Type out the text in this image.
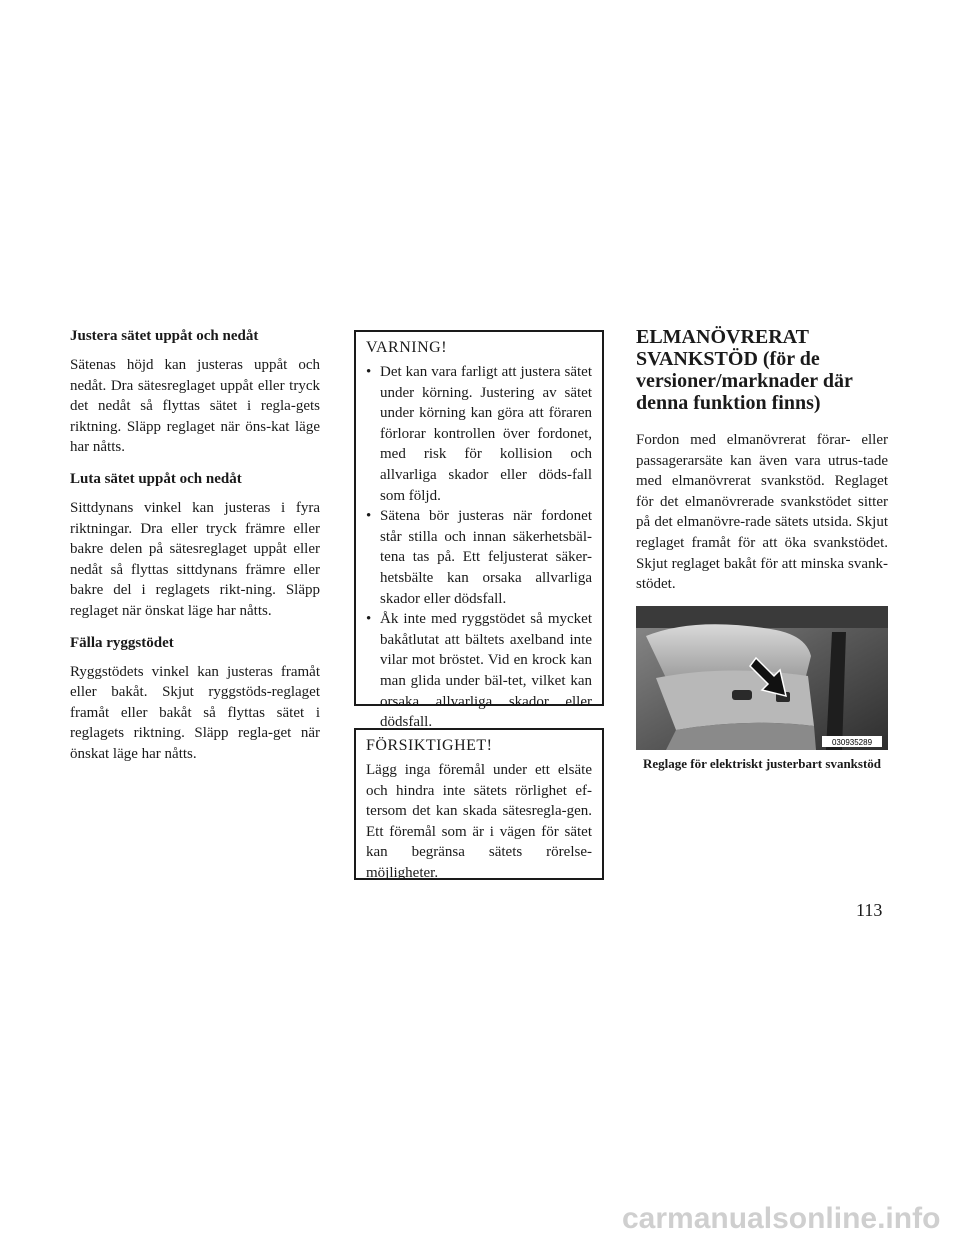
Justera sätet uppåt och nedåt

Sätenas höjd kan justeras uppåt och nedåt. Dra sätesreglaget uppåt eller tryck det nedåt så flyttas sätet i regla-gets riktning. Släpp reglaget när öns-kat läge har nåtts.

Luta sätet uppåt och nedåt

Sittdynans vinkel kan justeras i fyra riktningar. Dra eller tryck främre eller bakre delen på sätesreglaget uppåt eller nedåt så flyttas sittdynans främre eller bakre del i reglagets rikt-ning. Släpp reglaget när önskat läge har nåtts.

Fälla ryggstödet

Ryggstödets vinkel kan justeras framåt eller bakåt. Skjut ryggstöds-reglaget framåt eller bakåt så flyttas sätet i reglagets riktning. Släpp regla-get när önskat läge har nåtts.

VARNING!

• Det kan vara farligt att justera sätet under körning. Justering av sätet under körning kan göra att föraren förlorar kontrollen över fordonet, med risk för kollision och allvarliga skador eller döds-fall som följd.
• Sätena bör justeras när fordonet står stilla och innan säkerhetsbäl-tena tas på. Ett feljusterat säker-hetsbälte kan orsaka allvarliga skador eller dödsfall.
• Åk inte med ryggstödet så mycket bakåtlutat att bältets axelband inte vilar mot bröstet. Vid en krock kan man glida under bäl-tet, vilket kan orsaka allvarliga skador eller dödsfall.

FÖRSIKTIGHET!

Lägg inga föremål under ett elsäte och hindra inte sätets rörlighet ef-tersom det kan skada sätesregla-gen. Ett föremål som är i vägen för sätet kan begränsa sätets rörelse-möjligheter.

ELMANÖVRERAT SVANKSTÖD (för de versioner/marknader där denna funktion finns)

Fordon med elmanövrerat förar- eller passagerarsäte kan även vara utrus-tade med elmanövrerat svankstöd. Reglaget för det elmanövrerade svankstödet sitter på det elmanövre-rade sätets utsida. Skjut reglaget framåt för att öka svankstödet. Skjut reglaget bakåt för att minska svank-stödet.

030935289

Reglage för elektriskt justerbart svankstöd

113
carmanualsonline.info
